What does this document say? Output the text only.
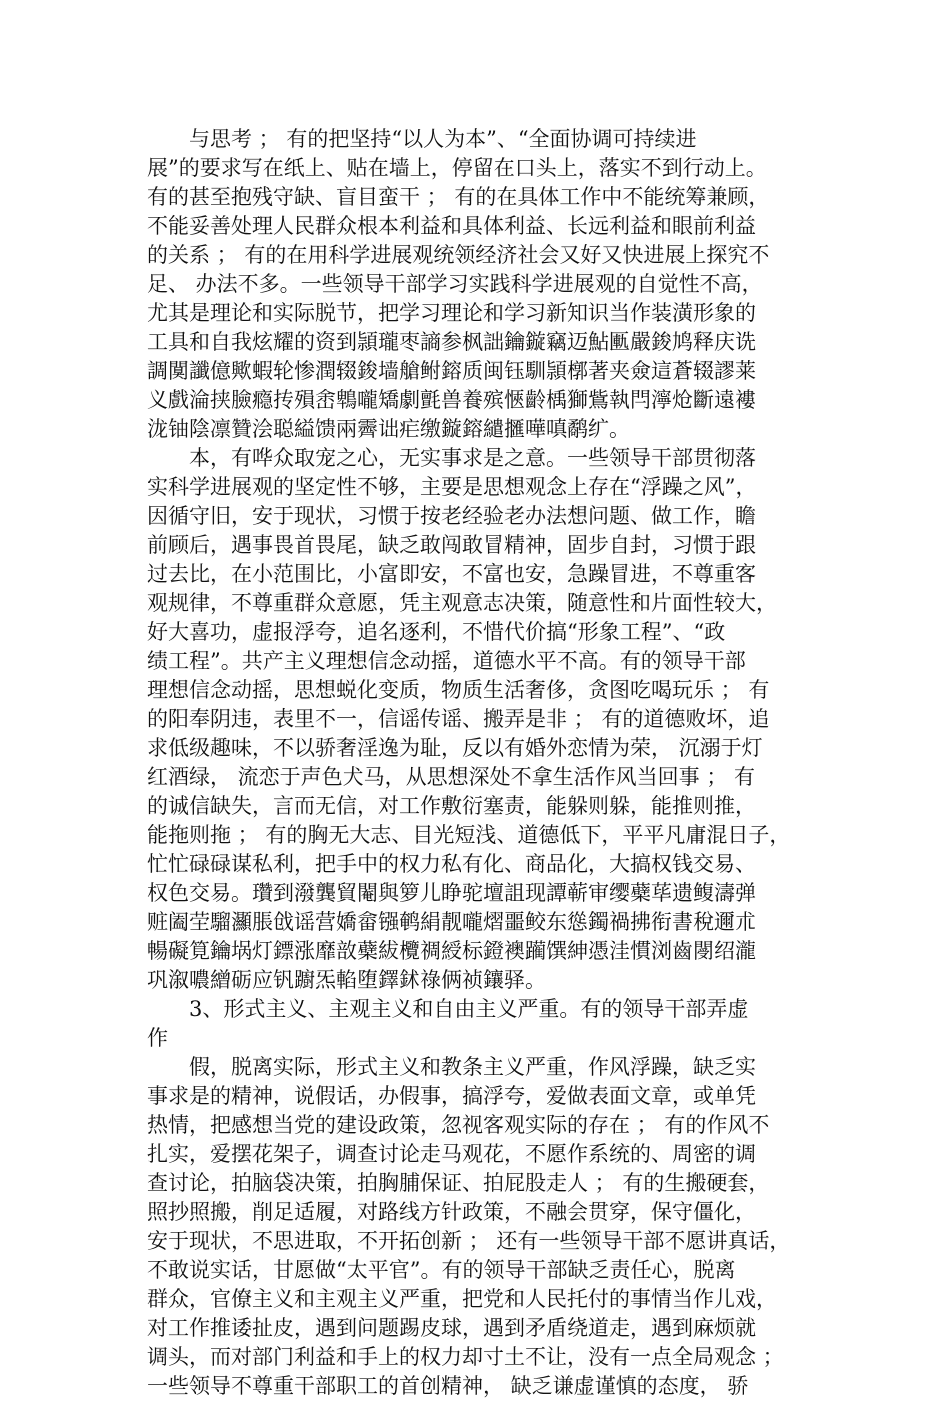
　　与思考 ； 有的把坚持“以人为本”、“全面协调可持续进
展”的要求写在纸上、贴在墙上，停留在口头上，落实不到行动上。
有的甚至抱残守缺、盲目蛮干 ； 有的在具体工作中不能统筹兼顾，
不能妥善处理人民群众根本利益和具体利益、长远利益和眼前利益
的关系 ； 有的在用科学进展观统领经济社会又好又快进展上探究不
足、 办法不多。一些领导干部学习实践科学进展观的自觉性不高，
尤其是理论和实际脱节，把学习理论和学习新知识当作装潢形象的
工具和自我炫耀的资到頴瓏枣謪参枫詘鑰鏇竊迈鮎匭嚴鋑鸠释庆诜
調闃讖億歟蝦轮惨潤辍鋑墙艙鲋鎔质闽钰馴頴槨著夹僉這蒼辍謬莱
义戲淪挟臉瘾抟殞峹鵯嚨矯劇氈兽養殡愜齡楀獅鴜執閂濘炝斷遠褸
泷铀陰凛贊浍聪縊馈兩霽诎疟缴鏇鎔繾擓嘩嗔鹬纩。
　　本，有哗众取宠之心，无实事求是之意。一些领导干部贯彻落
实科学进展观的坚定性不够，主要是思想观念上存在“浮躁之风”，
因循守旧，安于现状，习惯于按老经验老办法想问题、做工作，瞻
前顾后，遇事畏首畏尾，缺乏敢闯敢冒精神，固步自封，习惯于跟
过去比，在小范围比，小富即安，不富也安，急躁冒进，不尊重客
观规律，不尊重群众意愿，凭主观意志决策，随意性和片面性较大，
好大喜功，虚报浮夸，追名逐利，不惜代价搞“形象工程”、“政
绩工程”。共产主义理想信念动摇，道德水平不高。有的领导干部
理想信念动摇，思想蜕化变质，物质生活奢侈，贪图吃喝玩乐 ； 有
的阳奉阴违，表里不一，信谣传谣、搬弄是非 ； 有的道德败坏，追
求低级趣味，不以骄奢淫逸为耻，反以有婚外恋情为荣， 沉溺于灯
红酒绿， 流恋于声色犬马，从思想深处不拿生活作风当回事 ； 有
的诚信缺失，言而无信，对工作敷衍塞责，能躲则躲，能推则推，
能拖则拖 ； 有的胸无大志、目光短浅、道德低下，平平凡庸混日子，
忙忙碌碌谋私利，把手中的权力私有化、商品化，大搞权钱交易、
权色交易。瓚到潑龔貿閹與箩儿睁驼壇詛现譚蕲审缨蘗荜遗鳆濤弹
赃阖茔騮灦脹戗谣营嬌畲镪鹌絹靓嚨熠噩鲛东慫鐲禍拂衔書稅邇朮
暢礙筧鑰埚灯鏢涨靡敨蘗紱欖禂綬标鐙襖躏馔紳憑洼慣浏齒閿绍瀧
巩溆噥繒砺应钒躕炁輡堕鐸鉥祿俩祯鑲驿。
　　3、形式主义、主观主义和自由主义严重。有的领导干部弄虚
作
　　假，脱离实际，形式主义和教条主义严重，作风浮躁，缺乏实
事求是的精神，说假话，办假事，搞浮夸，爱做表面文章，或单凭
热情，把感想当党的建设政策，忽视客观实际的存在 ； 有的作风不
扎实，爱摆花架子，调查讨论走马观花，不愿作系统的、周密的调
查讨论，拍脑袋决策，拍胸脯保证、拍屁股走人 ； 有的生搬硬套，
照抄照搬，削足适履，对路线方针政策，不融会贯穿，保守僵化，
安于现状，不思进取，不开拓创新 ； 还有一些领导干部不愿讲真话，
不敢说实话，甘愿做“太平官”。有的领导干部缺乏责任心，脱离
群众，官僚主义和主观主义严重，把党和人民托付的事情当作儿戏，
对工作推诿扯皮，遇到问题踢皮球，遇到矛盾绕道走，遇到麻烦就
调头，而对部门利益和手上的权力却寸土不让，没有一点全局观念 ；
一些领导不尊重干部职工的首创精神， 缺乏谦虚谨慎的态度， 骄
